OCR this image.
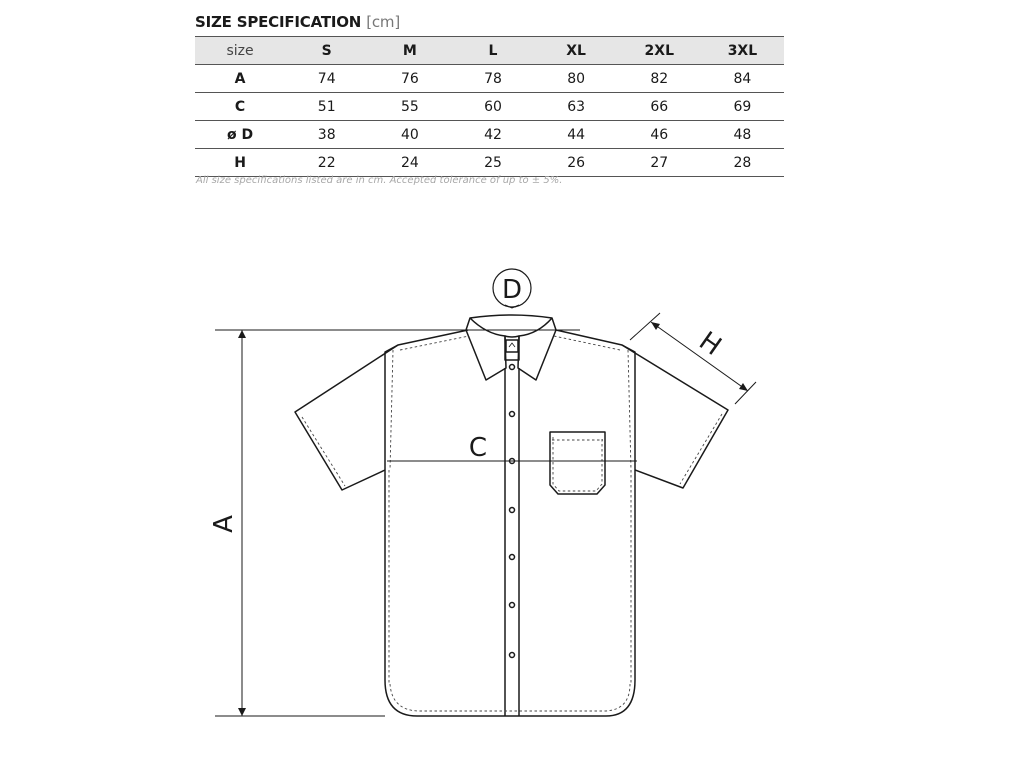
SIZE SPECIFICATION [cm]
size	S	M	L	XL	2XL	3XL
A	74	76	78	80	82	84
C	51	55	60	63	66	69
ø D	38	40	42	44	46	48
H	22	24	25	26	27	28
All size specifications listed are in cm. Accepted tolerance of up to ± 5%.
A
C
D
H
